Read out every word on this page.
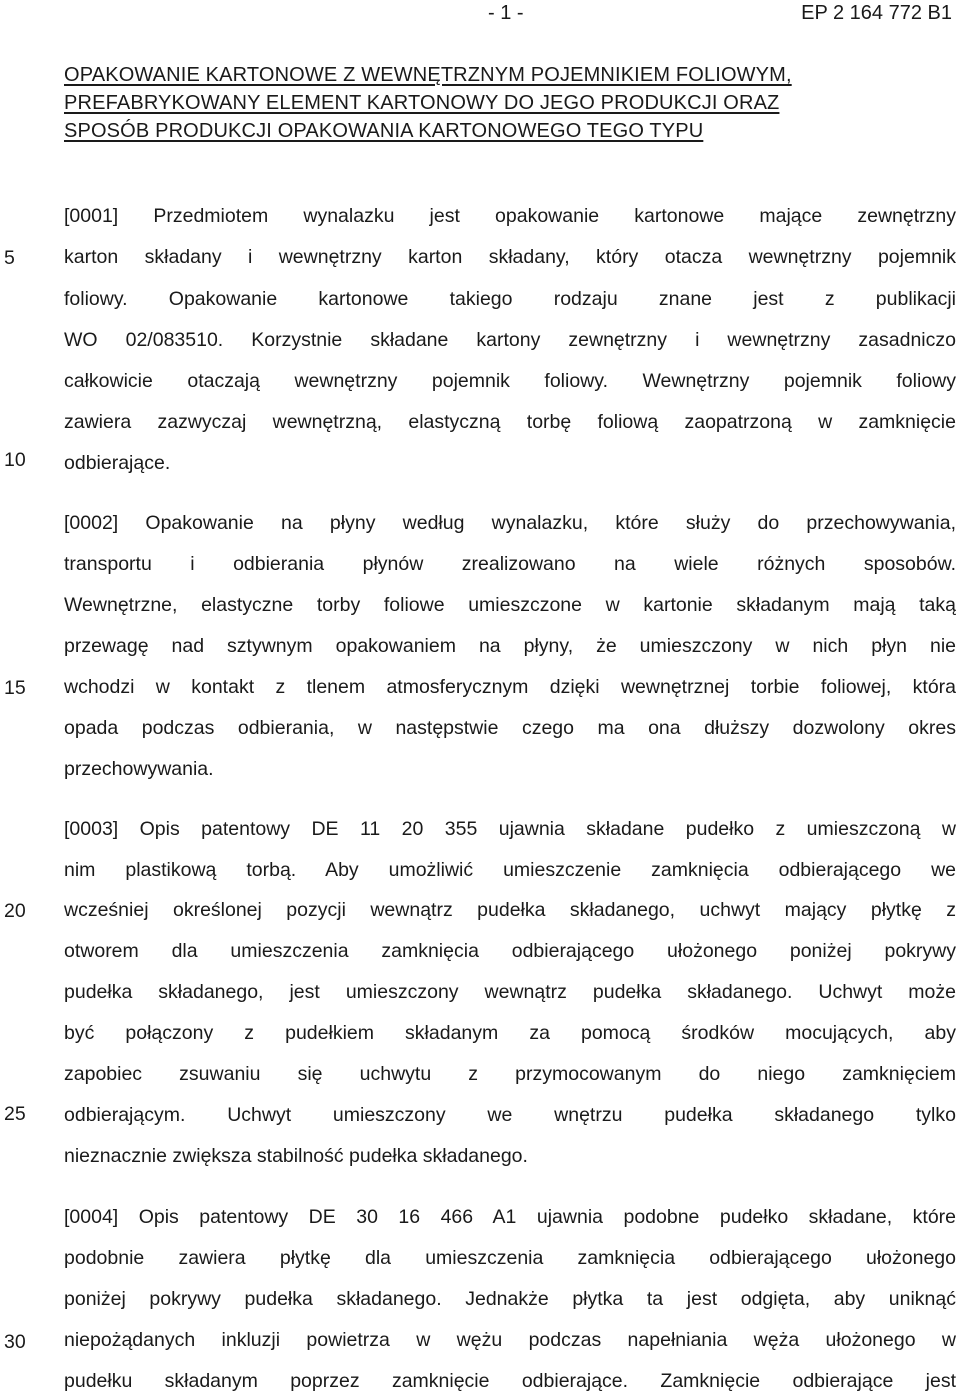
- 1 -	EP 2 164 772 B1
OPAKOWANIE KARTONOWE Z WEWNĘTRZNYM POJEMNIKIEM FOLIOWYM,
PREFABRYKOWANY ELEMENT KARTONOWY DO JEGO PRODUKCJI ORAZ
SPOSÓB PRODUKCJI OPAKOWANIA KARTONOWEGO TEGO TYPU
5
10
15
20
25
30
[0001] Przedmiotem wynalazku jest opakowanie kartonowe mające zewnętrzny
karton składany i wewnętrzny karton składany, który otacza wewnętrzny pojemnik
foliowy. Opakowanie kartonowe takiego rodzaju znane jest z publikacji
WO 02/083510. Korzystnie składane kartony zewnętrzny i wewnętrzny zasadniczo
całkowicie otaczają wewnętrzny pojemnik foliowy. Wewnętrzny pojemnik foliowy
zawiera zazwyczaj wewnętrzną, elastyczną torbę foliową zaopatrzoną w zamknięcie
odbierające.
[0002] Opakowanie na płyny według wynalazku, które służy do przechowywania,
transportu i odbierania płynów zrealizowano na wiele różnych sposobów.
Wewnętrzne, elastyczne torby foliowe umieszczone w kartonie składanym mają taką
przewagę nad sztywnym opakowaniem na płyny, że umieszczony w nich płyn nie
wchodzi w kontakt z tlenem atmosferycznym dzięki wewnętrznej torbie foliowej, która
opada podczas odbierania, w następstwie czego ma ona dłuższy dozwolony okres
przechowywania.
[0003] Opis patentowy DE 11 20 355 ujawnia składane pudełko z umieszczoną w
nim plastikową torbą. Aby umożliwić umieszczenie zamknięcia odbierającego we
wcześniej określonej pozycji wewnątrz pudełka składanego, uchwyt mający płytkę z
otworem dla umieszczenia zamknięcia odbierającego ułożonego poniżej pokrywy
pudełka składanego, jest umieszczony wewnątrz pudełka składanego. Uchwyt może
być połączony z pudełkiem składanym za pomocą środków mocujących, aby
zapobiec zsuwaniu się uchwytu z przymocowanym do niego zamknięciem
odbierającym. Uchwyt umieszczony we wnętrzu pudełka składanego tylko
nieznacznie zwiększa stabilność pudełka składanego.
[0004] Opis patentowy DE 30 16 466 A1 ujawnia podobne pudełko składane, które
podobnie zawiera płytkę dla umieszczenia zamknięcia odbierającego ułożonego
poniżej pokrywy pudełka składanego. Jednakże płytka ta jest odgięta, aby uniknąć
niepożądanych inkluzji powietrza w wężu podczas napełniania węża ułożonego w
pudełku składanym poprzez zamknięcie odbierające. Zamknięcie odbierające jest
